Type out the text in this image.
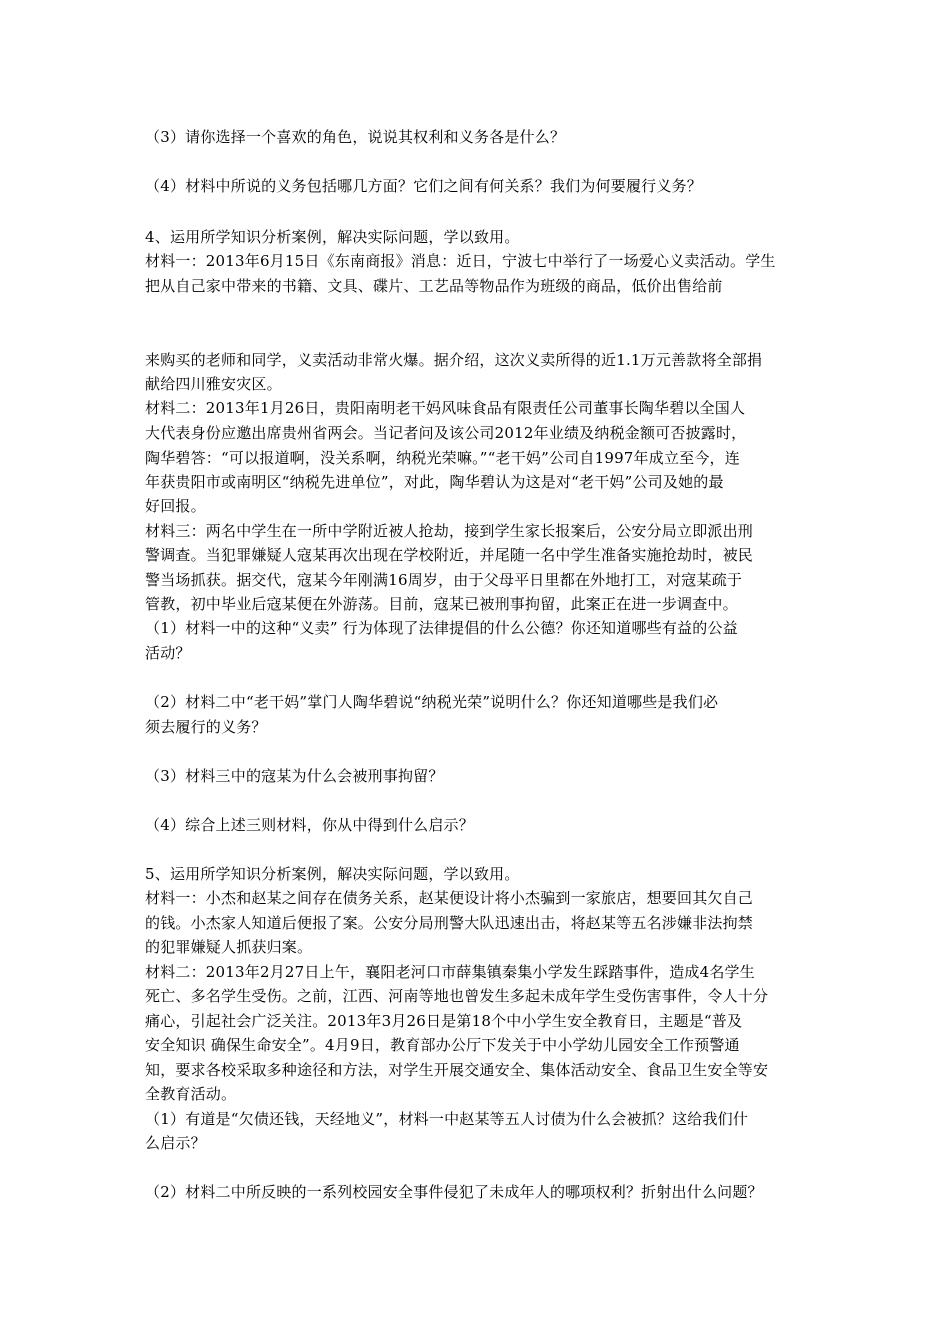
（3）请你选择一个喜欢的角色，说说其权利和义务各是什么？
（4）材料中所说的义务包括哪几方面？它们之间有何关系？我们为何要履行义务？
4、运用所学知识分析案例，解决实际问题，学以致用。
材料一：2013年6月15日《东南商报》消息：近日，宁波七中举行了一场爱心义卖活动。学生
把从自己家中带来的书籍、文具、碟片、工艺品等物品作为班级的商品，低价出售给前
来购买的老师和同学，义卖活动非常火爆。据介绍，这次义卖所得的近1.1万元善款将全部捐
献给四川雅安灾区。
材料二：2013年1月26日，贵阳南明老干妈风味食品有限责任公司董事长陶华碧以全国人
大代表身份应邀出席贵州省两会。当记者问及该公司2012年业绩及纳税金额可否披露时，
陶华碧答：“可以报道啊，没关系啊，纳税光荣嘛。”“老干妈”公司自1997年成立至今，连
年获贵阳市或南明区“纳税先进单位”，对此，陶华碧认为这是对“老干妈”公司及她的最
好回报。
材料三：两名中学生在一所中学附近被人抢劫，接到学生家长报案后，公安分局立即派出刑
警调查。当犯罪嫌疑人寇某再次出现在学校附近，并尾随一名中学生准备实施抢劫时，被民
警当场抓获。据交代，寇某今年刚满16周岁，由于父母平日里都在外地打工，对寇某疏于
管教，初中毕业后寇某便在外游荡。目前，寇某已被刑事拘留，此案正在进一步调查中。
（1）材料一中的这种“义卖” 行为体现了法律提倡的什么公德？你还知道哪些有益的公益
活动？
（2）材料二中“老干妈”掌门人陶华碧说“纳税光荣”说明什么？你还知道哪些是我们必
须去履行的义务？
（3）材料三中的寇某为什么会被刑事拘留？
（4）综合上述三则材料，你从中得到什么启示？
5、运用所学知识分析案例，解决实际问题，学以致用。
材料一：小杰和赵某之间存在债务关系，赵某便设计将小杰骗到一家旅店，想要回其欠自己
的钱。小杰家人知道后便报了案。公安分局刑警大队迅速出击，将赵某等五名涉嫌非法拘禁
的犯罪嫌疑人抓获归案。
材料二：2013年2月27日上午，襄阳老河口市薛集镇秦集小学发生踩踏事件，造成4名学生
死亡、多名学生受伤。之前，江西、河南等地也曾发生多起未成年学生受伤害事件，令人十分
痛心，引起社会广泛关注。2013年3月26日是第18个中小学生安全教育日，主题是“普及
安全知识 确保生命安全”。4月9日，教育部办公厅下发关于中小学幼儿园安全工作预警通
知，要求各校采取多种途径和方法，对学生开展交通安全、集体活动安全、食品卫生安全等安
全教育活动。
（1）有道是“欠债还钱，天经地义”，材料一中赵某等五人讨债为什么会被抓？这给我们什
么启示？
（2）材料二中所反映的一系列校园安全事件侵犯了未成年人的哪项权利？折射出什么问题？
